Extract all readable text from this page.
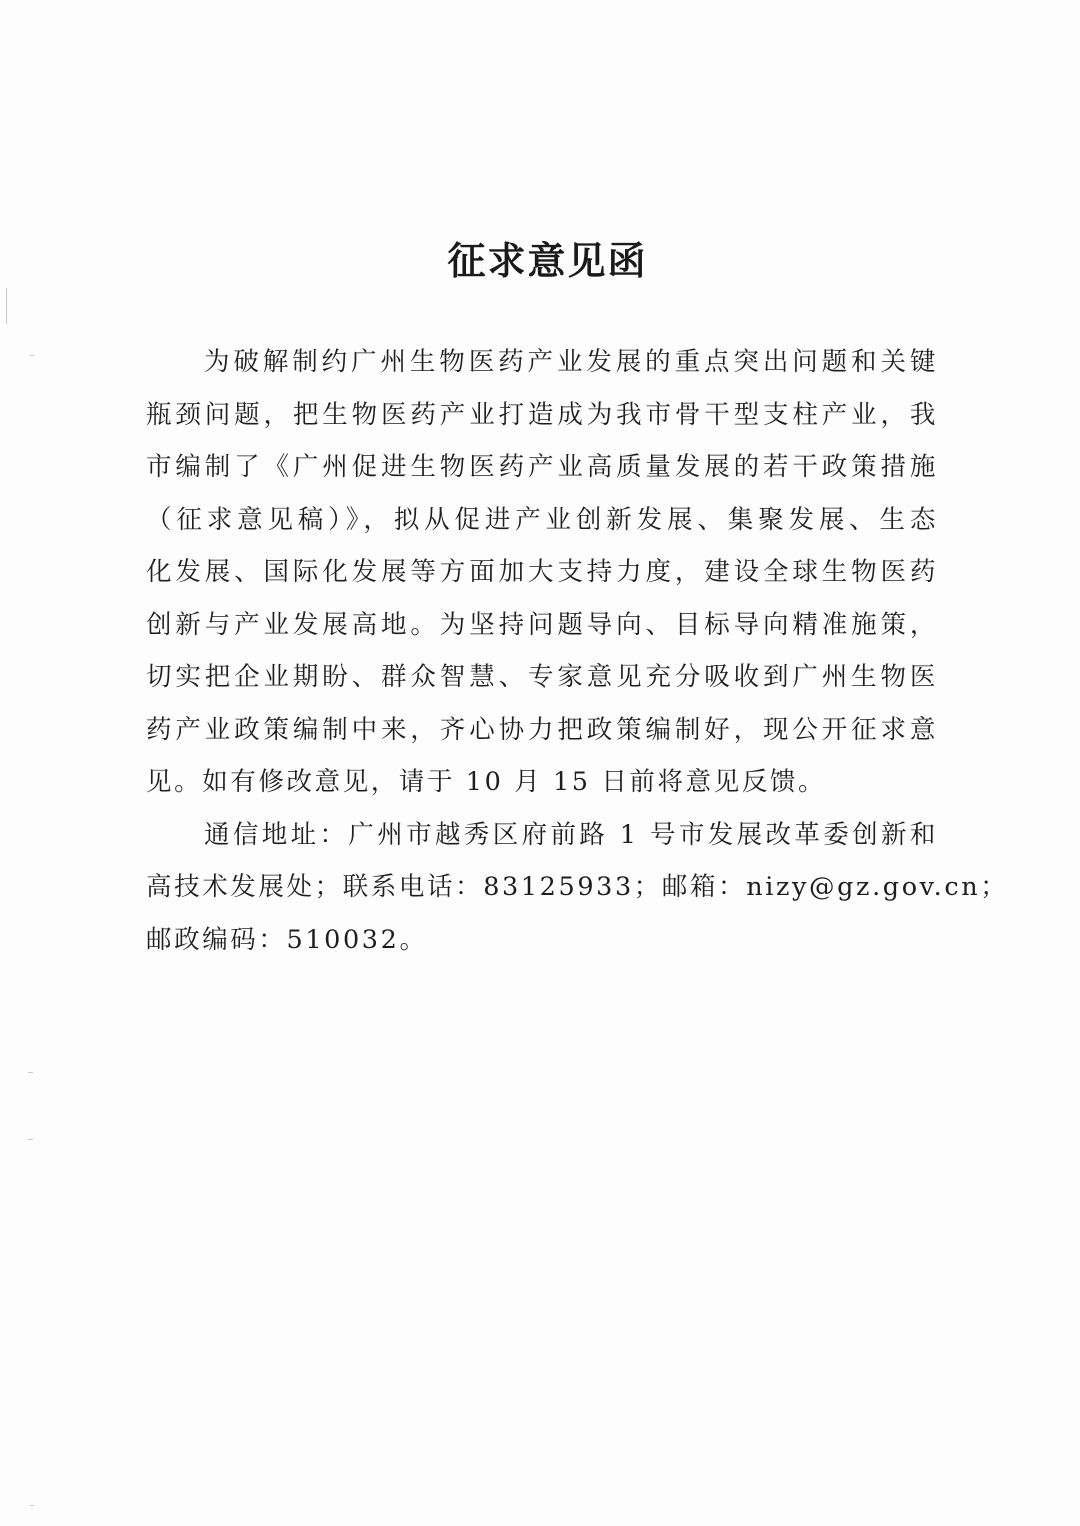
征求意见函
为破解制约广州生物医药产业发展的重点突出问题和关键
瓶颈问题，把生物医药产业打造成为我市骨干型支柱产业，我
市编制了《广州促进生物医药产业高质量发展的若干政策措施
（征求意见稿）》，拟从促进产业创新发展、集聚发展、生态
化发展、国际化发展等方面加大支持力度，建设全球生物医药
创新与产业发展高地。为坚持问题导向、目标导向精准施策，
切实把企业期盼、群众智慧、专家意见充分吸收到广州生物医
药产业政策编制中来，齐心协力把政策编制好，现公开征求意
见。如有修改意见，请于 10 月 15 日前将意见反馈。
通信地址：广州市越秀区府前路 1 号市发展改革委创新和
高技术发展处；联系电话：83125933；邮箱：nizy@gz.gov.cn；
邮政编码：510032。
